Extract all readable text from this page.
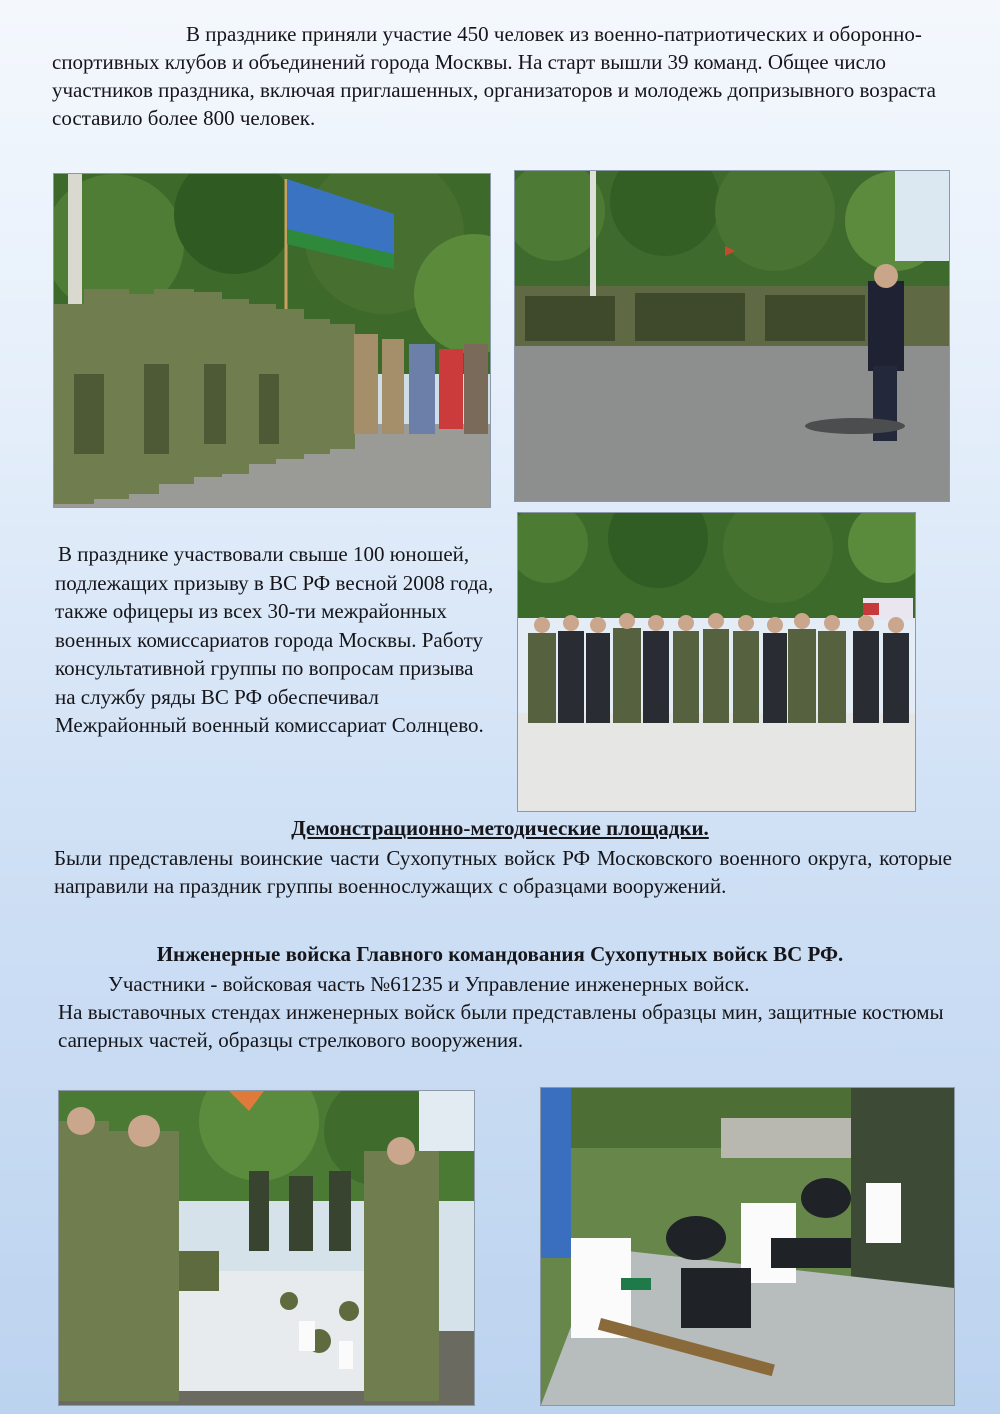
В празднике приняли участие 450 человек из военно-патриотических и оборонно-спортивных клубов и объединений города Москвы. На старт вышли 39 команд. Общее число участников праздника, включая приглашенных, организаторов и молодежь допризывного возраста составило более 800 человек.

В празднике участвовали свыше 100 юношей, подлежащих призыву в ВС РФ весной 2008 года, также офицеры из всех 30-ти межрайонных военных комиссариатов города Москвы. Работу консультативной группы по вопросам призыва на службу ряды ВС РФ обеспечивал Межрайонный военный комиссариат Солнцево.

Демонстрационно-методические площадки.

Были представлены воинские части Сухопутных войск РФ Московского военного округа, которые направили на праздник группы военнослужащих с образцами вооружений.

Инженерные войска Главного командования Сухопутных войск ВС РФ.

Участники - войсковая часть №61235 и Управление инженерных войск.
На выставочных стендах инженерных войск были представлены образцы мин, защитные костюмы саперных частей, образцы стрелкового вооружения.
